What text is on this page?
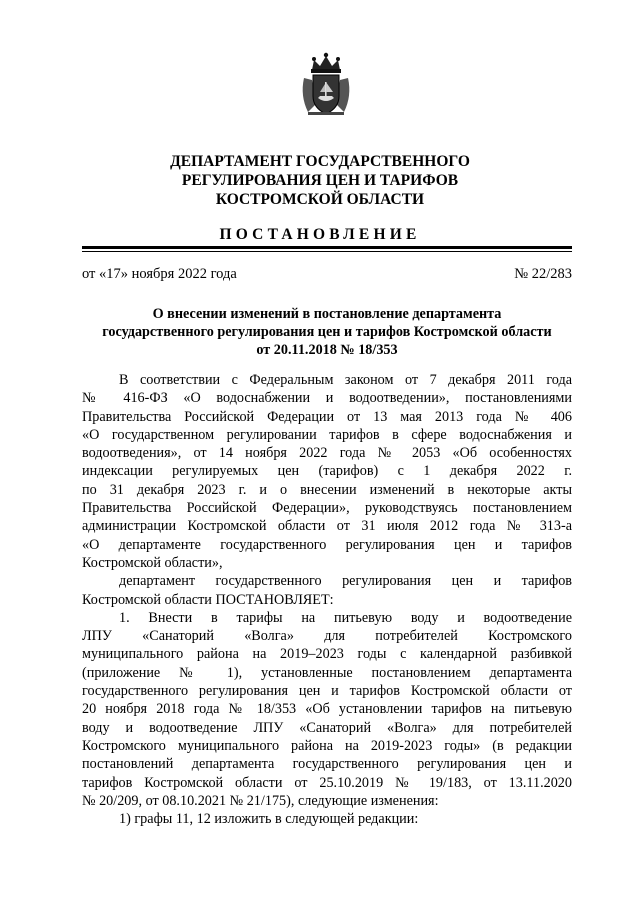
ДЕПАРТАМЕНТ ГОСУДАРСТВЕННОГО
РЕГУЛИРОВАНИЯ ЦЕН И ТАРИФОВ
КОСТРОМСКОЙ ОБЛАСТИ
ПОСТАНОВЛЕНИЕ
от «17» ноября 2022 года	№ 22/283
О внесении изменений в постановление департамента
государственного регулирования цен и тарифов Костромской области
от 20.11.2018 № 18/353
В соответствии с Федеральным законом от 7 декабря 2011 года
№ 416-ФЗ «О водоснабжении и водоотведении», постановлениями
Правительства Российской Федерации от 13 мая 2013 года № 406
«О государственном регулировании тарифов в сфере водоснабжения и
водоотведения», от 14 ноября 2022 года № 2053 «Об особенностях
индексации регулируемых цен (тарифов) с 1 декабря 2022 г.
по 31 декабря 2023 г. и о внесении изменений в некоторые акты
Правительства Российской Федерации», руководствуясь постановлением
администрации Костромской области от 31 июля 2012 года № 313-а
«О департаменте государственного регулирования цен и тарифов
Костромской области»,
департамент государственного регулирования цен и тарифов
Костромской области ПОСТАНОВЛЯЕТ:
1. Внести в тарифы на питьевую воду и водоотведение
ЛПУ «Санаторий «Волга» для потребителей Костромского
муниципального района на 2019–2023 годы с календарной разбивкой
(приложение № 1), установленные постановлением департамента
государственного регулирования цен и тарифов Костромской области от
20 ноября 2018 года № 18/353 «Об установлении тарифов на питьевую
воду и водоотведение ЛПУ «Санаторий «Волга» для потребителей
Костромского муниципального района на 2019-2023 годы» (в редакции
постановлений департамента государственного регулирования цен и
тарифов Костромской области от 25.10.2019 № 19/183, от 13.11.2020
№ 20/209, от 08.10.2021 № 21/175), следующие изменения:
1) графы 11, 12 изложить в следующей редакции:
